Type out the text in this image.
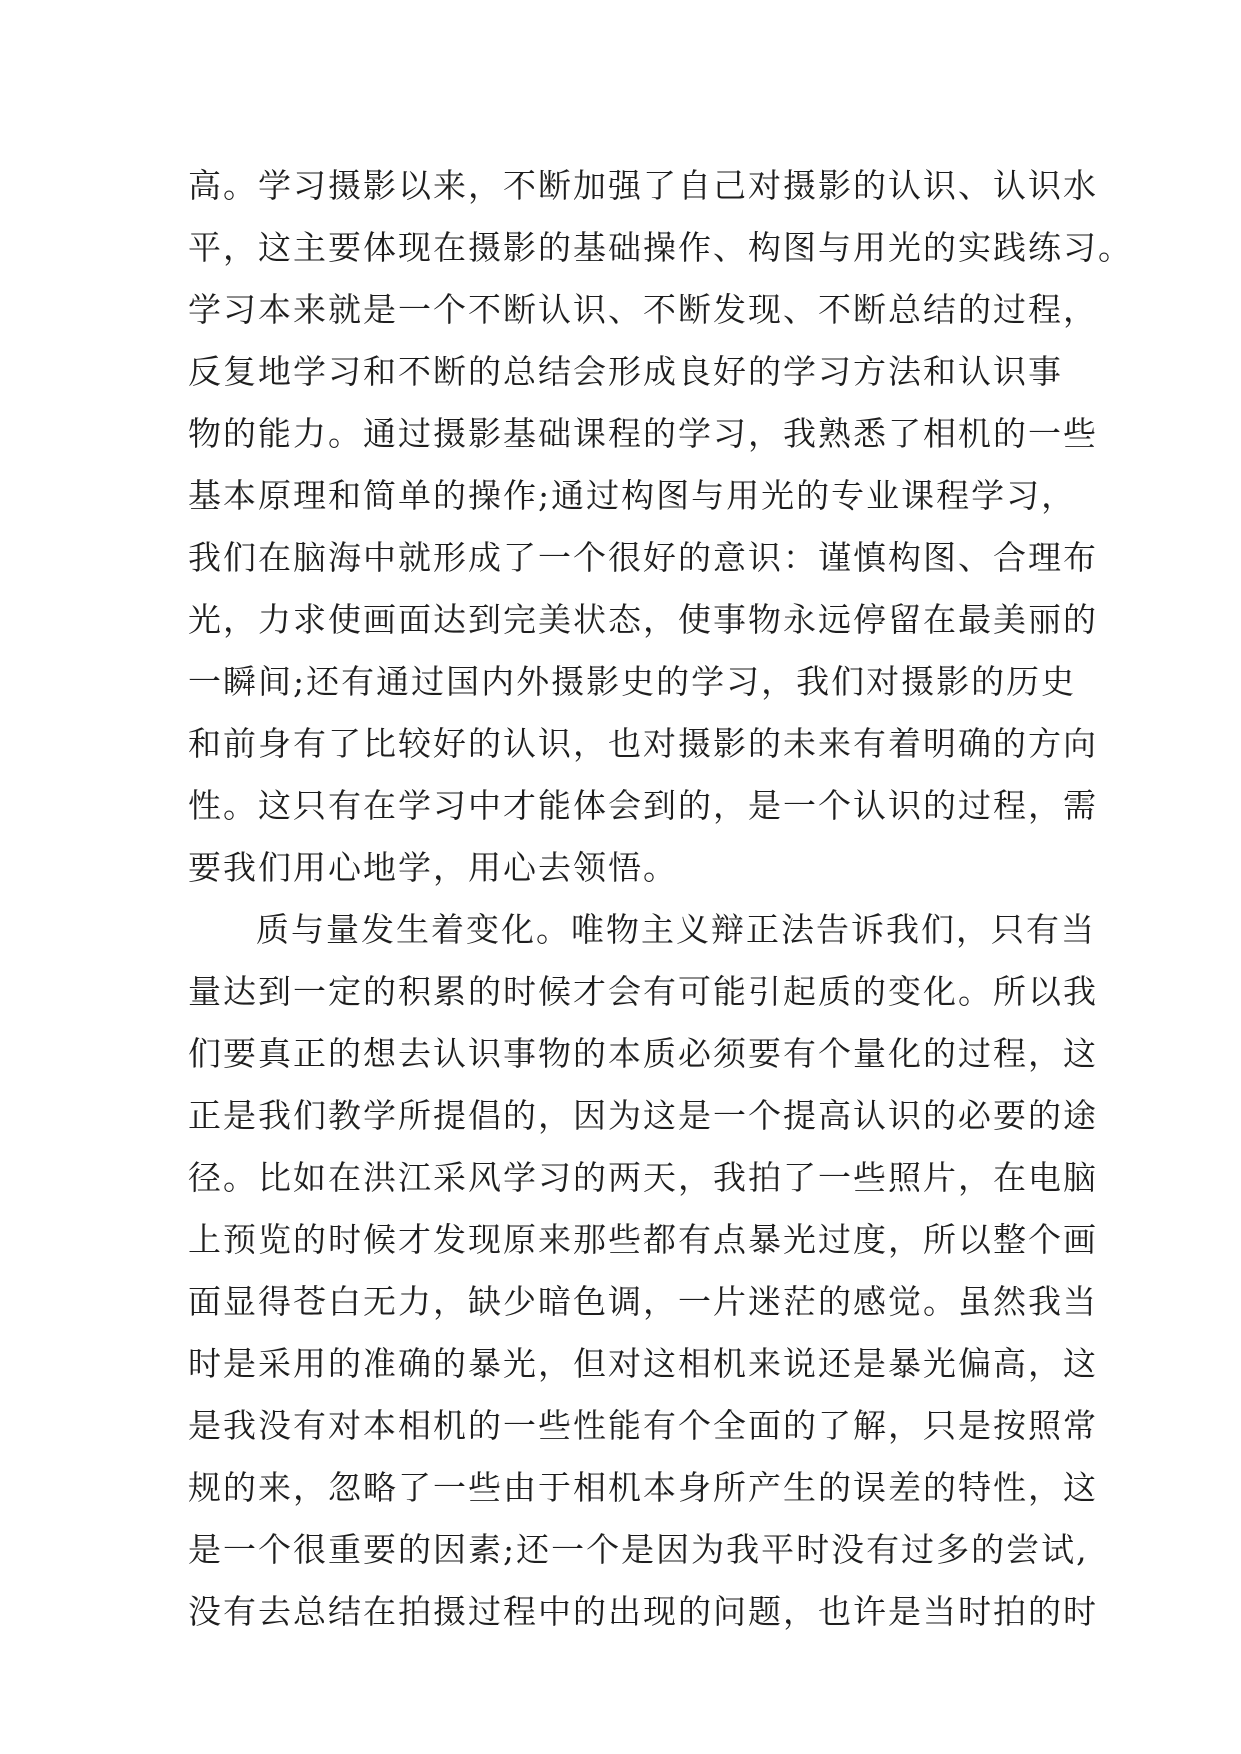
高。学习摄影以来，不断加强了自己对摄影的认识、认识水
平，这主要体现在摄影的基础操作、构图与用光的实践练习。
学习本来就是一个不断认识、不断发现、不断总结的过程，
反复地学习和不断的总结会形成良好的学习方法和认识事
物的能力。通过摄影基础课程的学习，我熟悉了相机的一些
基本原理和简单的操作;通过构图与用光的专业课程学习，
我们在脑海中就形成了一个很好的意识：谨慎构图、合理布
光，力求使画面达到完美状态，使事物永远停留在最美丽的
一瞬间;还有通过国内外摄影史的学习，我们对摄影的历史
和前身有了比较好的认识，也对摄影的未来有着明确的方向
性。这只有在学习中才能体会到的，是一个认识的过程，需
要我们用心地学，用心去领悟。
质与量发生着变化。唯物主义辩正法告诉我们，只有当
量达到一定的积累的时候才会有可能引起质的变化。所以我
们要真正的想去认识事物的本质必须要有个量化的过程，这
正是我们教学所提倡的，因为这是一个提高认识的必要的途
径。比如在洪江采风学习的两天，我拍了一些照片，在电脑
上预览的时候才发现原来那些都有点暴光过度，所以整个画
面显得苍白无力，缺少暗色调，一片迷茫的感觉。虽然我当
时是采用的准确的暴光，但对这相机来说还是暴光偏高，这
是我没有对本相机的一些性能有个全面的了解，只是按照常
规的来，忽略了一些由于相机本身所产生的误差的特性，这
是一个很重要的因素;还一个是因为我平时没有过多的尝试,
没有去总结在拍摄过程中的出现的问题，也许是当时拍的时
